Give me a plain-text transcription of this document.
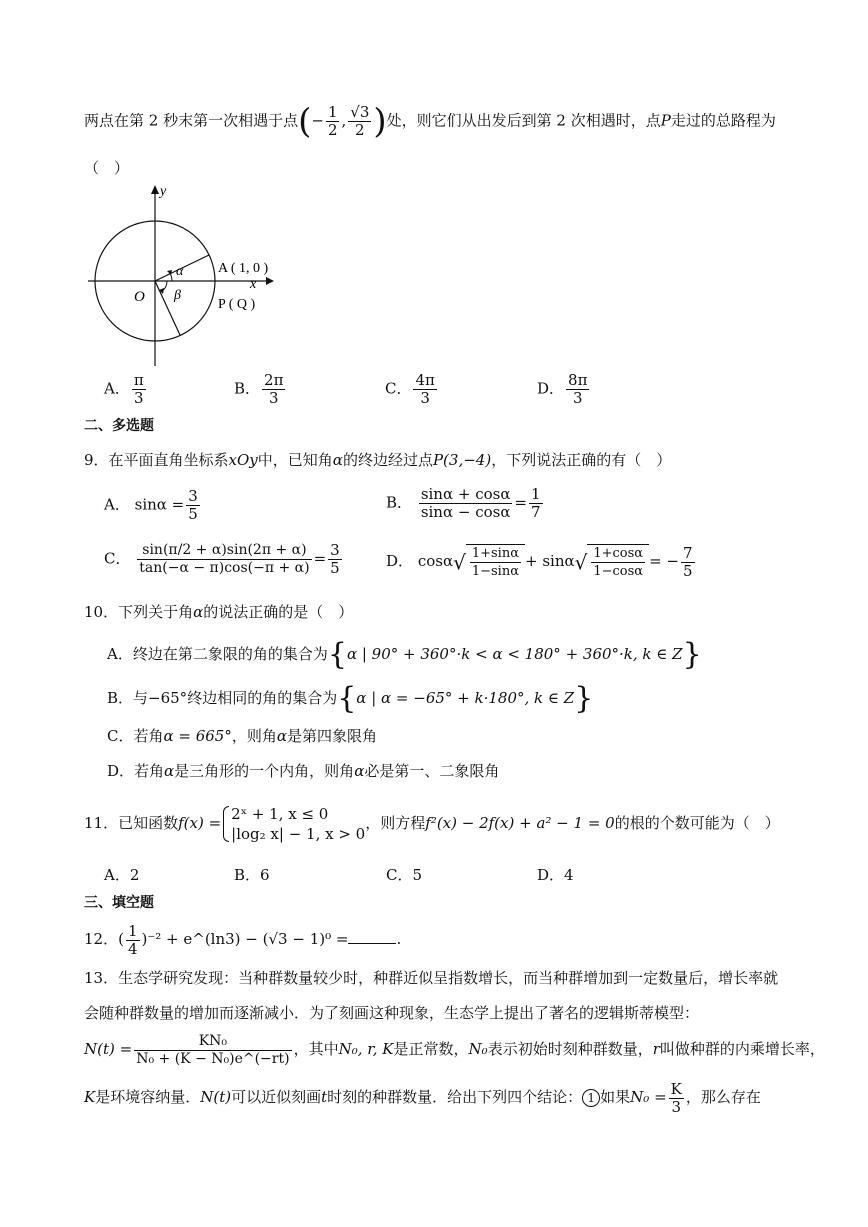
两点在第 2 秒末第一次相遇于点(− $\frac{1}{2}$ , $\frac{√3}{2}$ )处，则它们从出发后到第 2 次相遇时，点P走过的总路程为
（　）
y
x
O
α
β
A ( 1, 0 )
P ( Q )
A． $\frac{\pi}{3}$	B． $\frac{2\pi}{3}$	C． $\frac{4\pi}{3}$	D． $\frac{8\pi}{3}$
二、多选题
9．在平面直角坐标系xOy中，已知角α的终边经过点P(3,−4)，下列说法正确的有（　）
A． $\sin\alpha = \frac{3}{5}$	B． $\frac{\sin\alpha + \cos\alpha}{\sin\alpha - \cos\alpha} = \frac{1}{7}$
C． $\frac{\sin(\pi/2 + \alpha)\sin(2\pi + \alpha)}{\tan(-\alpha - \pi)\cos(-\pi + \alpha)} = \frac{3}{5}$	D． $\cos\alpha√ \frac{1+\sin\alpha}{1-\sin\alpha} + \sin\alpha√ \frac{1+\cos\alpha}{1-\cos\alpha}$ = − $\frac{7}{5}$
10．下列关于角α的说法正确的是（　）
A．终边在第二象限的角的集合为{α | 90° + 360°·k < α < 180° + 360°·k, k ∈ Z}
B．与−65°终边相同的角的集合为{α | α = −65° + k·180°, k ∈ Z}
C．若角α = 665°，则角α是第四象限角
D．若角α是三角形的一个内角，则角α必是第一、二象限角
11．已知函数f(x) = 2ˣ + 1, x ≤ 0
|log₂ x| − 1, x > 0
，则方程f²(x) − 2f(x) + a² − 1 = 0的根的个数可能为（　）
A．2	B．6	C．5	D．4
三、填空题
12．( $\frac{1}{4} )^{-2}$ + e^(ln3) − (√3 − 1)⁰ =	.
13．生态学研究发现：当种群数量较少时，种群近似呈指数增长，而当种群增加到一定数量后，增长率就
会随种群数量的增加而逐渐减小．为了刻画这种现象，生态学上提出了著名的逻辑斯蒂模型：
$N(t) = \frac{\text{KN₀}}{\text{N₀ + (K − N₀)e\textasciicircum{}(−rt)}}$ ，其中N₀, r, K是正常数，N₀表示初始时刻种群数量，r叫做种群的内乘增长率，
K是环境容纳量．N(t)可以近似刻画t时刻的种群数量．给出下列四个结论： 1 如果$N_0 = \frac{K}{3}$ ，那么存在
